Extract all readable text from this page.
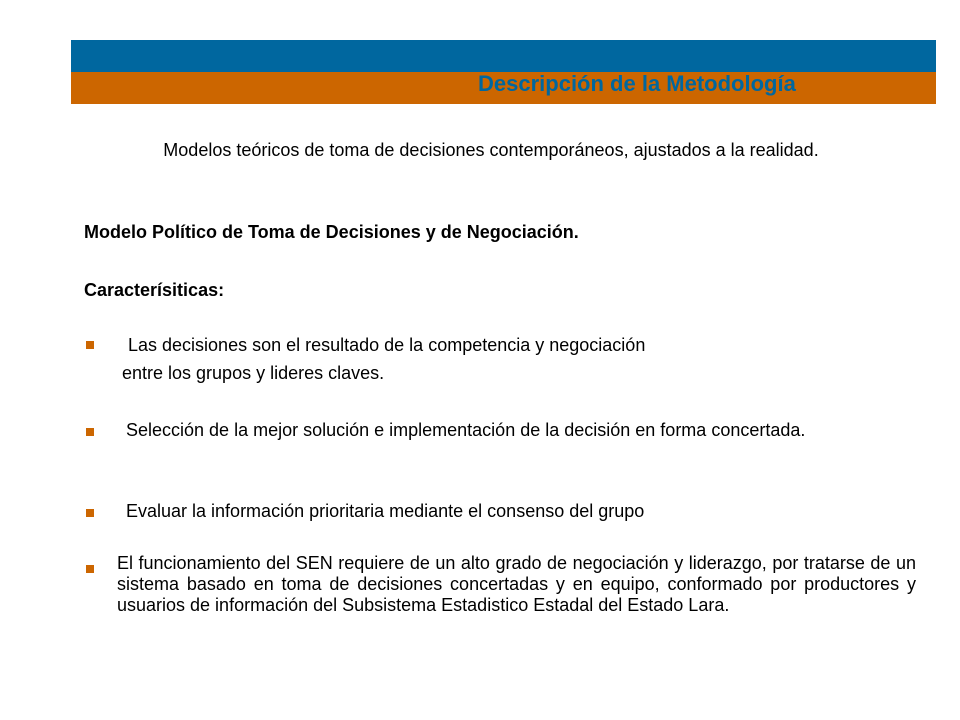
Descripción de la Metodología
Modelos teóricos de toma de decisiones contemporáneos, ajustados a la realidad.
Modelo Político de Toma de Decisiones y de Negociación.
Caracterísiticas:
Las decisiones son el resultado de la competencia y negociación
entre los grupos y lideres claves.
Selección de la mejor solución e implementación de la decisión en forma concertada.
Evaluar la información prioritaria mediante el consenso del grupo
El funcionamiento del SEN requiere de un alto grado de negociación y liderazgo, por tratarse de un sistema basado en toma de decisiones concertadas y en equipo, conformado por productores y usuarios de información del Subsistema Estadistico Estadal del Estado Lara.
